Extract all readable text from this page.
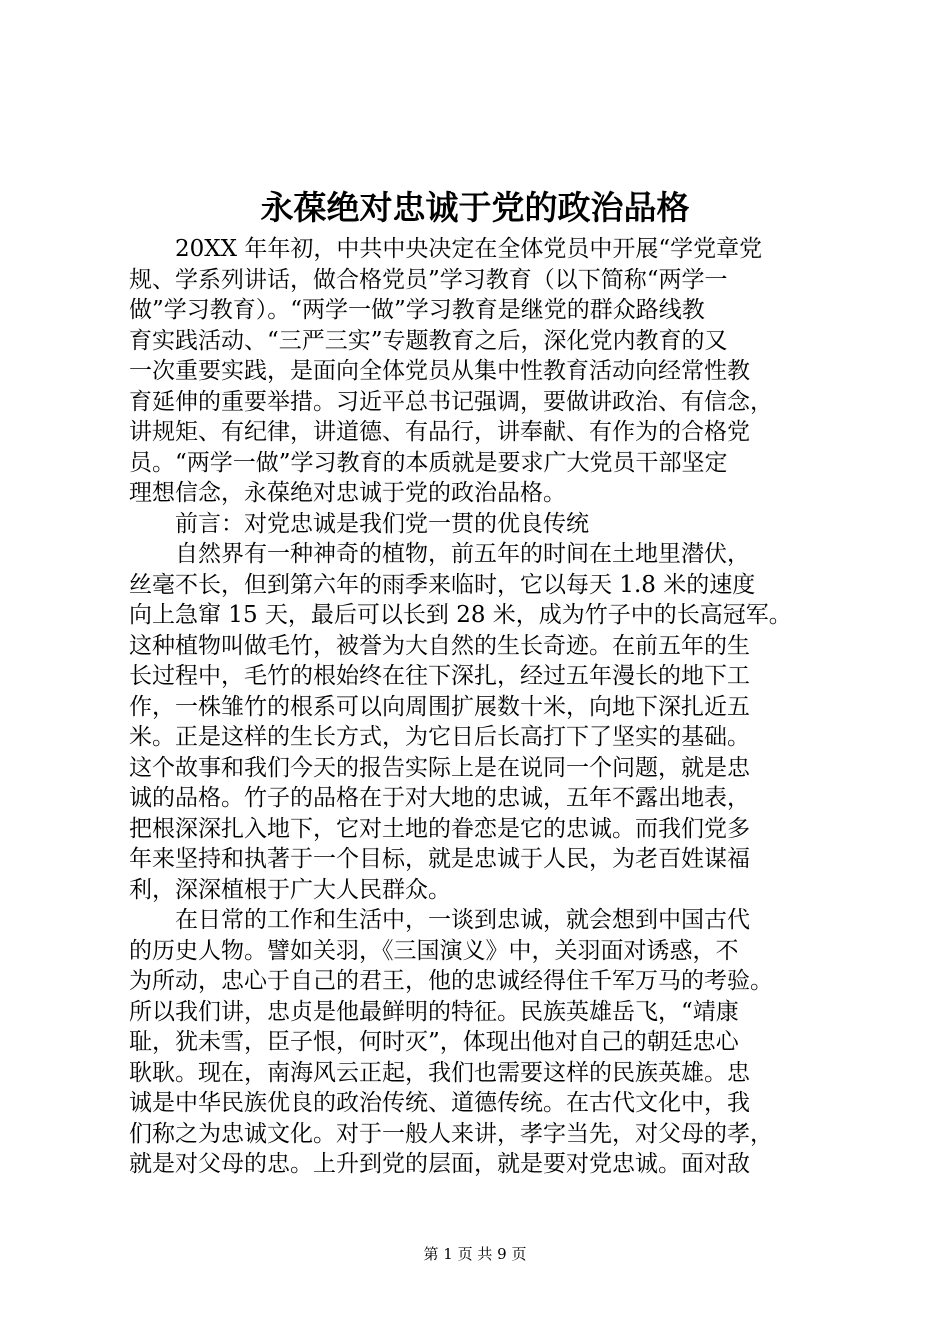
永葆绝对忠诚于党的政治品格

20XX 年年初，中共中央决定在全体党员中开展“学党章党
规、学系列讲话，做合格党员”学习教育（以下简称“两学一
做”学习教育）。“两学一做”学习教育是继党的群众路线教
育实践活动、“三严三实”专题教育之后，深化党内教育的又
一次重要实践，是面向全体党员从集中性教育活动向经常性教
育延伸的重要举措。习近平总书记强调，要做讲政治、有信念，
讲规矩、有纪律，讲道德、有品行，讲奉献、有作为的合格党
员。“两学一做”学习教育的本质就是要求广大党员干部坚定
理想信念，永葆绝对忠诚于党的政治品格。

前言：对党忠诚是我们党一贯的优良传统

自然界有一种神奇的植物，前五年的时间在土地里潜伏，
丝毫不长，但到第六年的雨季来临时，它以每天 1.8 米的速度
向上急窜 15 天，最后可以长到 28 米，成为竹子中的长高冠军。
这种植物叫做毛竹，被誉为大自然的生长奇迹。在前五年的生
长过程中，毛竹的根始终在往下深扎，经过五年漫长的地下工
作，一株雏竹的根系可以向周围扩展数十米，向地下深扎近五
米。正是这样的生长方式，为它日后长高打下了坚实的基础。
这个故事和我们今天的报告实际上是在说同一个问题，就是忠
诚的品格。竹子的品格在于对大地的忠诚，五年不露出地表，
把根深深扎入地下，它对土地的眷恋是它的忠诚。而我们党多
年来坚持和执著于一个目标，就是忠诚于人民，为老百姓谋福
利，深深植根于广大人民群众。

在日常的工作和生活中，一谈到忠诚，就会想到中国古代
的历史人物。譬如关羽，《三国演义》中，关羽面对诱惑，不
为所动，忠心于自己的君王，他的忠诚经得住千军万马的考验。
所以我们讲，忠贞是他最鲜明的特征。民族英雄岳飞，“靖康
耻，犹未雪，臣子恨，何时灭”，体现出他对自己的朝廷忠心
耿耿。现在，南海风云正起，我们也需要这样的民族英雄。忠
诚是中华民族优良的政治传统、道德传统。在古代文化中，我
们称之为忠诚文化。对于一般人来讲，孝字当先，对父母的孝，
就是对父母的忠。上升到党的层面，就是要对党忠诚。面对敌

第 1 页 共 9 页
